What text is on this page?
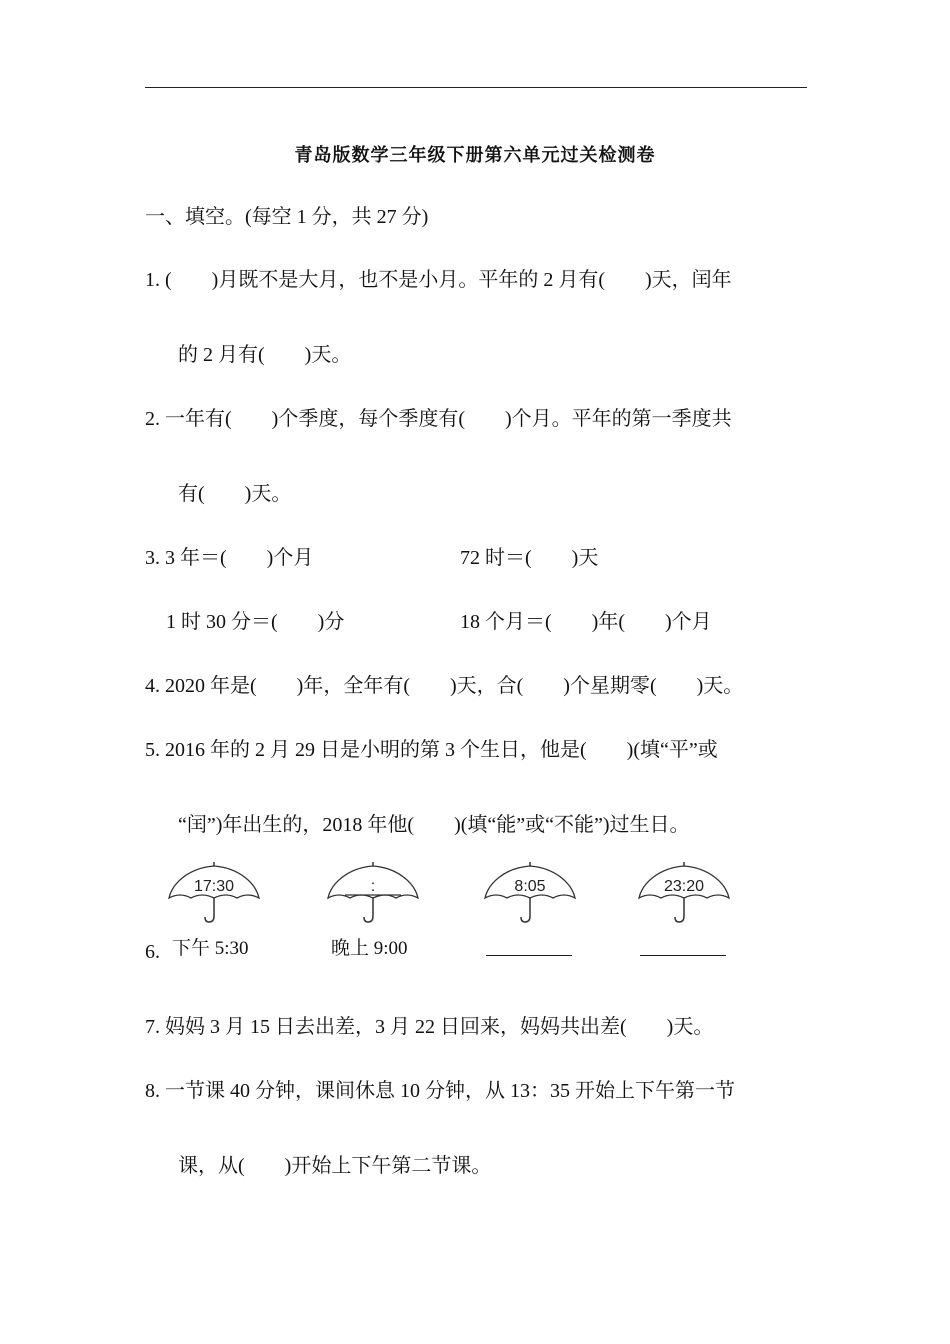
青岛版数学三年级下册第六单元过关检测卷
一、填空。(每空 1 分，共 27 分)
1. (        )月既不是大月，也不是小月。平年的 2 月有(        )天，闰年
的 2 月有(        )天。
2. 一年有(        )个季度，每个季度有(        )个月。平年的第一季度共
有(        )天。
3. 3 年＝(        )个月	72 时＝(        )天
1 时 30 分＝(        )分	18 个月＝(        )年(        )个月
4. 2020 年是(        )年，全年有(        )天，合(        )个星期零(        )天。
5. 2016 年的 2 月 29 日是小明的第 3 个生日，他是(        )(填“平”或
“闰”)年出生的，2018 年他(        )(填“能”或“不能”)过生日。
6.
17:30
下午 5:30
:
晚上 9:00
8:05	23:20
7. 妈妈 3 月 15 日去出差，3 月 22 日回来，妈妈共出差(        )天。
8. 一节课 40 分钟，课间休息 10 分钟，从 13：35 开始上下午第一节
课，从(        )开始上下午第二节课。
